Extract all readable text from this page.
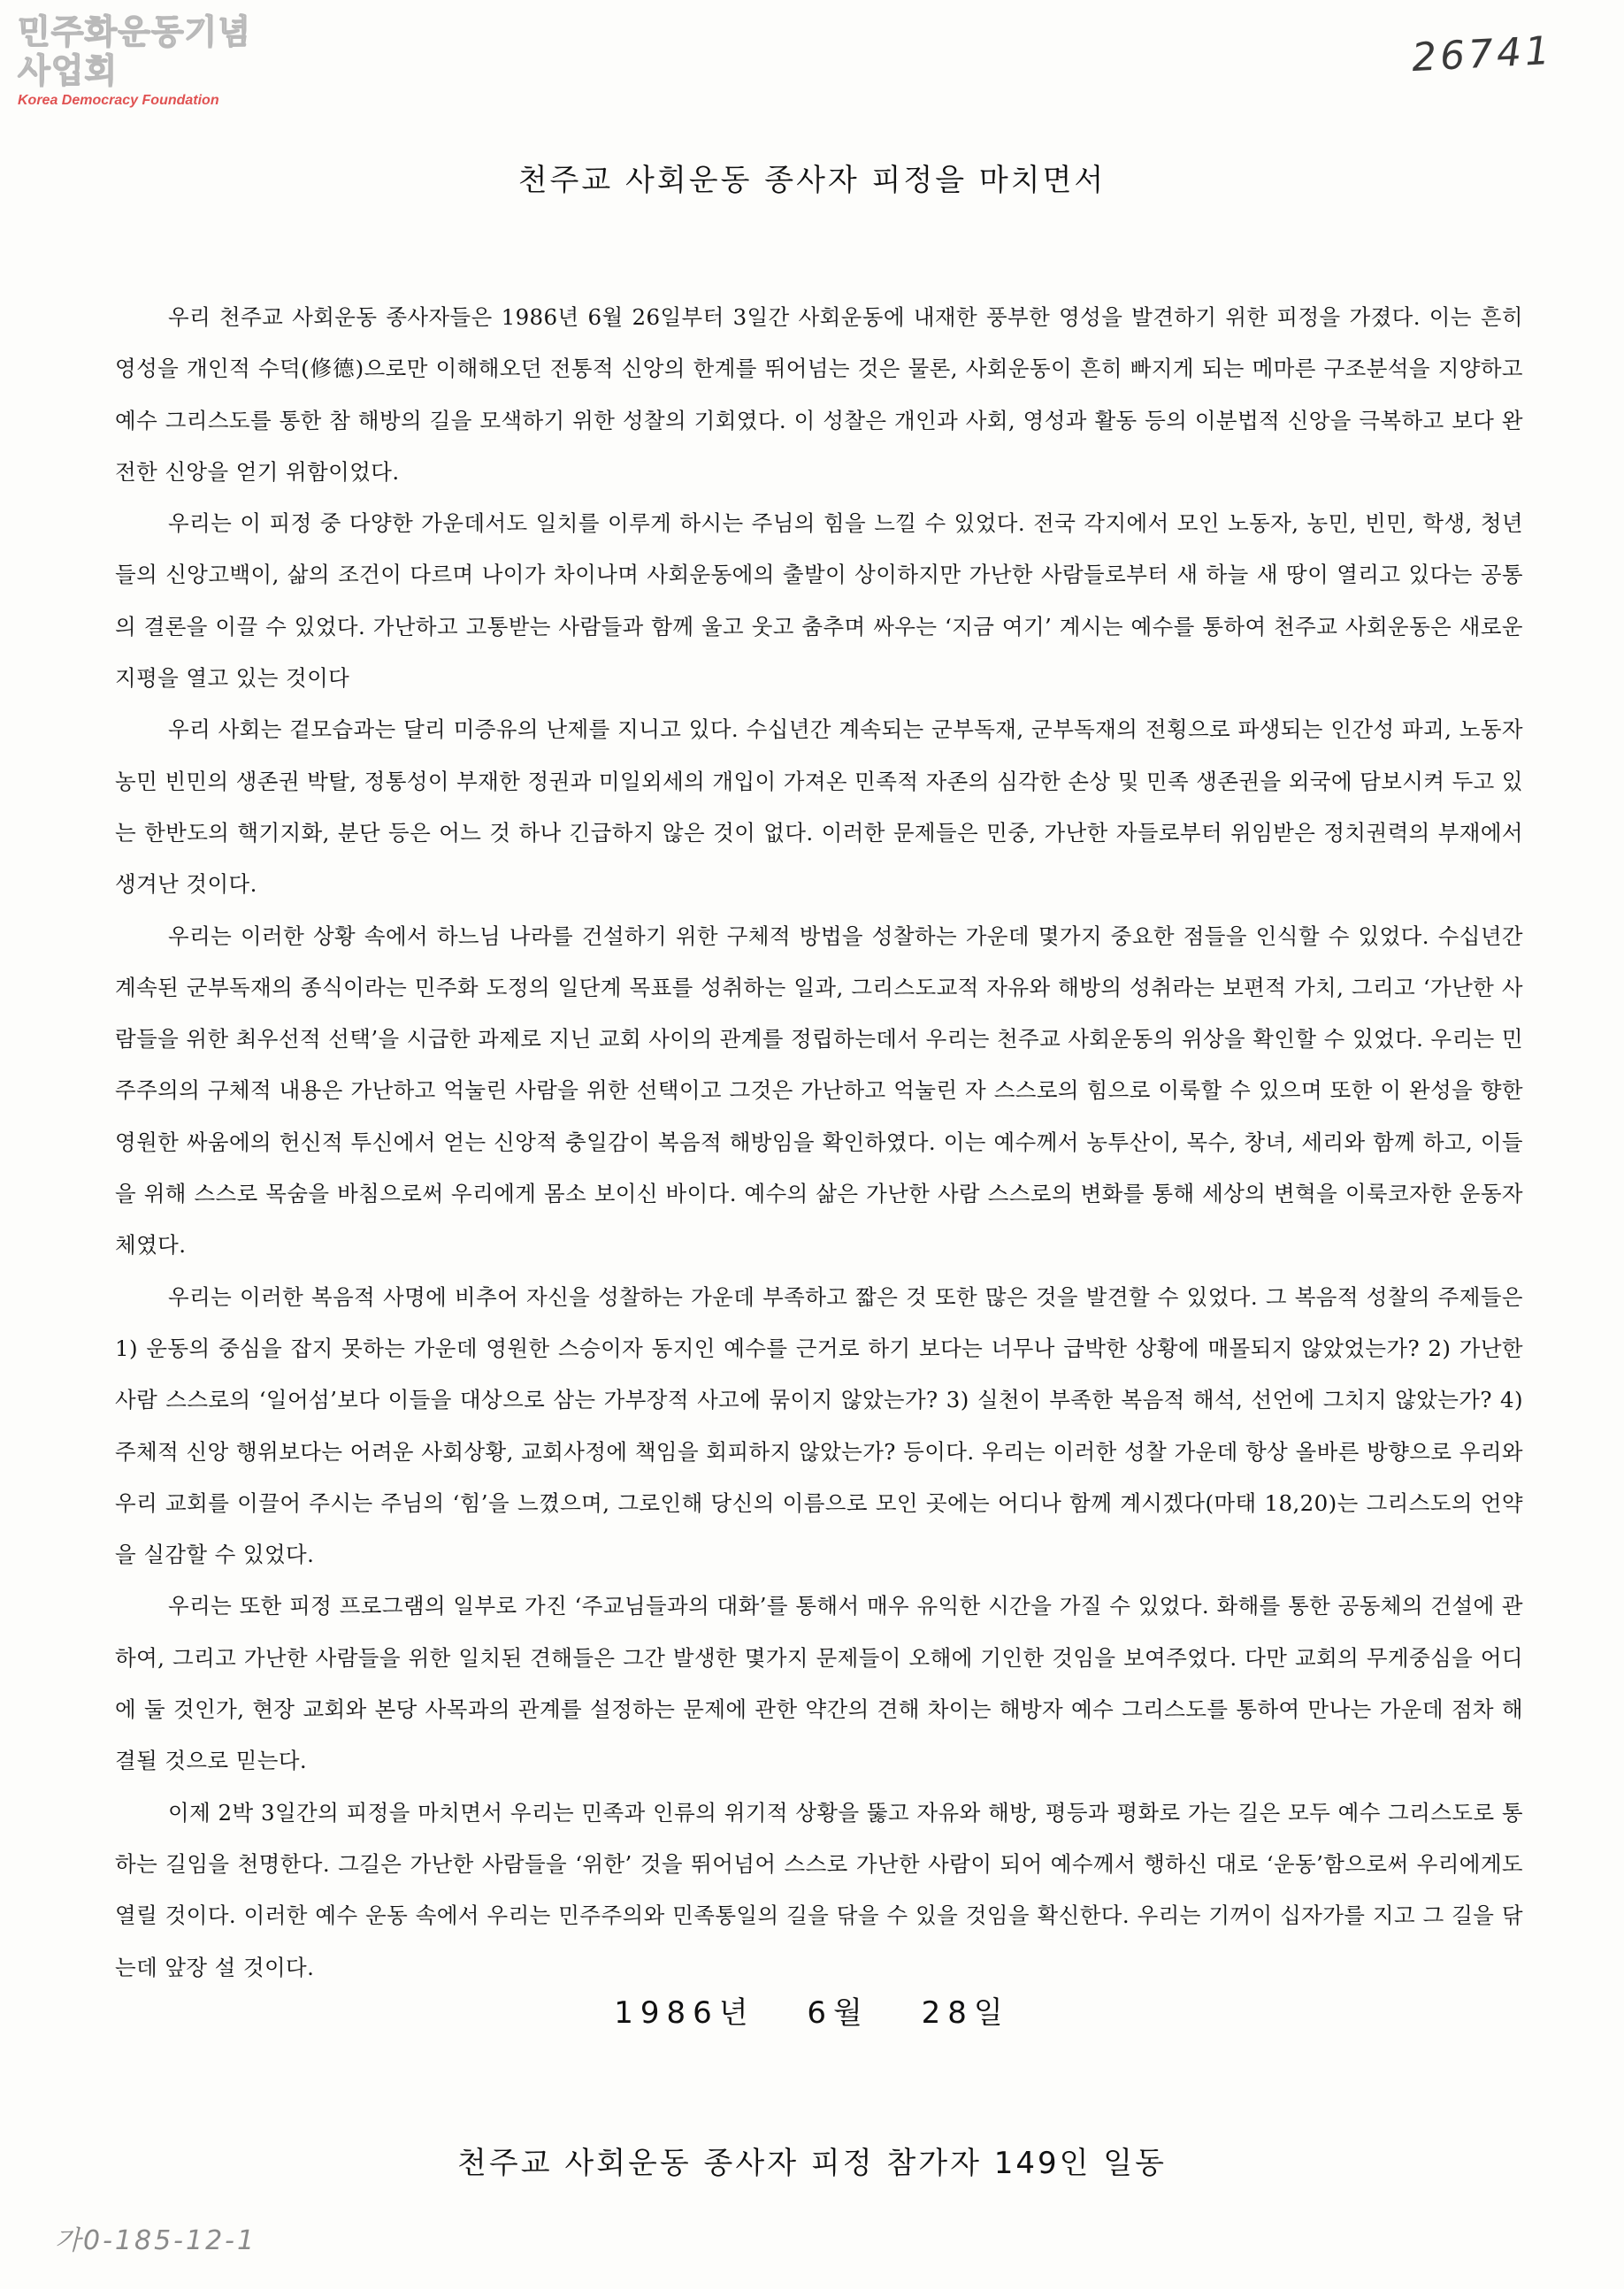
민주화운동기념사업회
Korea Democracy Foundation
26741
천주교 사회운동 종사자 피정을 마치면서

우리 천주교 사회운동 종사자들은 1986년 6월 26일부터 3일간 사회운동에 내재한 풍부한 영성을 발견하기 위한 피정을 가졌다. 이는 흔히 영성을 개인적 수덕(修德)으로만 이해해오던 전통적 신앙의 한계를 뛰어넘는 것은 물론, 사회운동이 흔히 빠지게 되는 메마른 구조분석을 지양하고 예수 그리스도를 통한 참 해방의 길을 모색하기 위한 성찰의 기회였다. 이 성찰은 개인과 사회, 영성과 활동 등의 이분법적 신앙을 극복하고 보다 완전한 신앙을 얻기 위함이었다.

우리는 이 피정 중 다양한 가운데서도 일치를 이루게 하시는 주님의 힘을 느낄 수 있었다. 전국 각지에서 모인 노동자, 농민, 빈민, 학생, 청년들의 신앙고백이, 삶의 조건이 다르며 나이가 차이나며 사회운동에의 출발이 상이하지만 가난한 사람들로부터 새 하늘 새 땅이 열리고 있다는 공통의 결론을 이끌 수 있었다. 가난하고 고통받는 사람들과 함께 울고 웃고 춤추며 싸우는 ‘지금 여기’ 계시는 예수를 통하여 천주교 사회운동은 새로운 지평을 열고 있는 것이다

우리 사회는 겉모습과는 달리 미증유의 난제를 지니고 있다. 수십년간 계속되는 군부독재, 군부독재의 전횡으로 파생되는 인간성 파괴, 노동자 농민 빈민의 생존권 박탈, 정통성이 부재한 정권과 미일외세의 개입이 가져온 민족적 자존의 심각한 손상 및 민족 생존권을 외국에 담보시켜 두고 있는 한반도의 핵기지화, 분단 등은 어느 것 하나 긴급하지 않은 것이 없다. 이러한 문제들은 민중, 가난한 자들로부터 위임받은 정치권력의 부재에서 생겨난 것이다.

우리는 이러한 상황 속에서 하느님 나라를 건설하기 위한 구체적 방법을 성찰하는 가운데 몇가지 중요한 점들을 인식할 수 있었다. 수십년간 계속된 군부독재의 종식이라는 민주화 도정의 일단계 목표를 성취하는 일과, 그리스도교적 자유와 해방의 성취라는 보편적 가치, 그리고 ‘가난한 사람들을 위한 최우선적 선택’을 시급한 과제로 지닌 교회 사이의 관계를 정립하는데서 우리는 천주교 사회운동의 위상을 확인할 수 있었다. 우리는 민주주의의 구체적 내용은 가난하고 억눌린 사람을 위한 선택이고 그것은 가난하고 억눌린 자 스스로의 힘으로 이룩할 수 있으며 또한 이 완성을 향한 영원한 싸움에의 헌신적 투신에서 얻는 신앙적 충일감이 복음적 해방임을 확인하였다. 이는 예수께서 농투산이, 목수, 창녀, 세리와 함께 하고, 이들을 위해 스스로 목숨을 바침으로써 우리에게 몸소 보이신 바이다. 예수의 삶은 가난한 사람 스스로의 변화를 통해 세상의 변혁을 이룩코자한 운동자체였다.

우리는 이러한 복음적 사명에 비추어 자신을 성찰하는 가운데 부족하고 짧은 것 또한 많은 것을 발견할 수 있었다. 그 복음적 성찰의 주제들은 1) 운동의 중심을 잡지 못하는 가운데 영원한 스승이자 동지인 예수를 근거로 하기 보다는 너무나 급박한 상황에 매몰되지 않았었는가? 2) 가난한 사람 스스로의 ‘일어섬’보다 이들을 대상으로 삼는 가부장적 사고에 묶이지 않았는가? 3) 실천이 부족한 복음적 해석, 선언에 그치지 않았는가? 4) 주체적 신앙 행위보다는 어려운 사회상황, 교회사정에 책임을 회피하지 않았는가? 등이다. 우리는 이러한 성찰 가운데 항상 올바른 방향으로 우리와 우리 교회를 이끌어 주시는 주님의 ‘힘’을 느꼈으며, 그로인해 당신의 이름으로 모인 곳에는 어디나 함께 계시겠다(마태 18,20)는 그리스도의 언약을 실감할 수 있었다.

우리는 또한 피정 프로그램의 일부로 가진 ‘주교님들과의 대화’를 통해서 매우 유익한 시간을 가질 수 있었다. 화해를 통한 공동체의 건설에 관하여, 그리고 가난한 사람들을 위한 일치된 견해들은 그간 발생한 몇가지 문제들이 오해에 기인한 것임을 보여주었다. 다만 교회의 무게중심을 어디에 둘 것인가, 현장 교회와 본당 사목과의 관계를 설정하는 문제에 관한 약간의 견해 차이는 해방자 예수 그리스도를 통하여 만나는 가운데 점차 해결될 것으로 믿는다.

이제 2박 3일간의 피정을 마치면서 우리는 민족과 인류의 위기적 상황을 뚫고 자유와 해방, 평등과 평화로 가는 길은 모두 예수 그리스도로 통하는 길임을 천명한다. 그길은 가난한 사람들을 ‘위한’ 것을 뛰어넘어 스스로 가난한 사람이 되어 예수께서 행하신 대로 ‘운동’함으로써 우리에게도 열릴 것이다. 이러한 예수 운동 속에서 우리는 민주주의와 민족통일의 길을 닦을 수 있을 것임을 확신한다. 우리는 기꺼이 십자가를 지고 그 길을 닦는데 앞장 설 것이다.

1986년 6월 28일
천주교 사회운동 종사자 피정 참가자 149인 일동
가0-185-12-1
